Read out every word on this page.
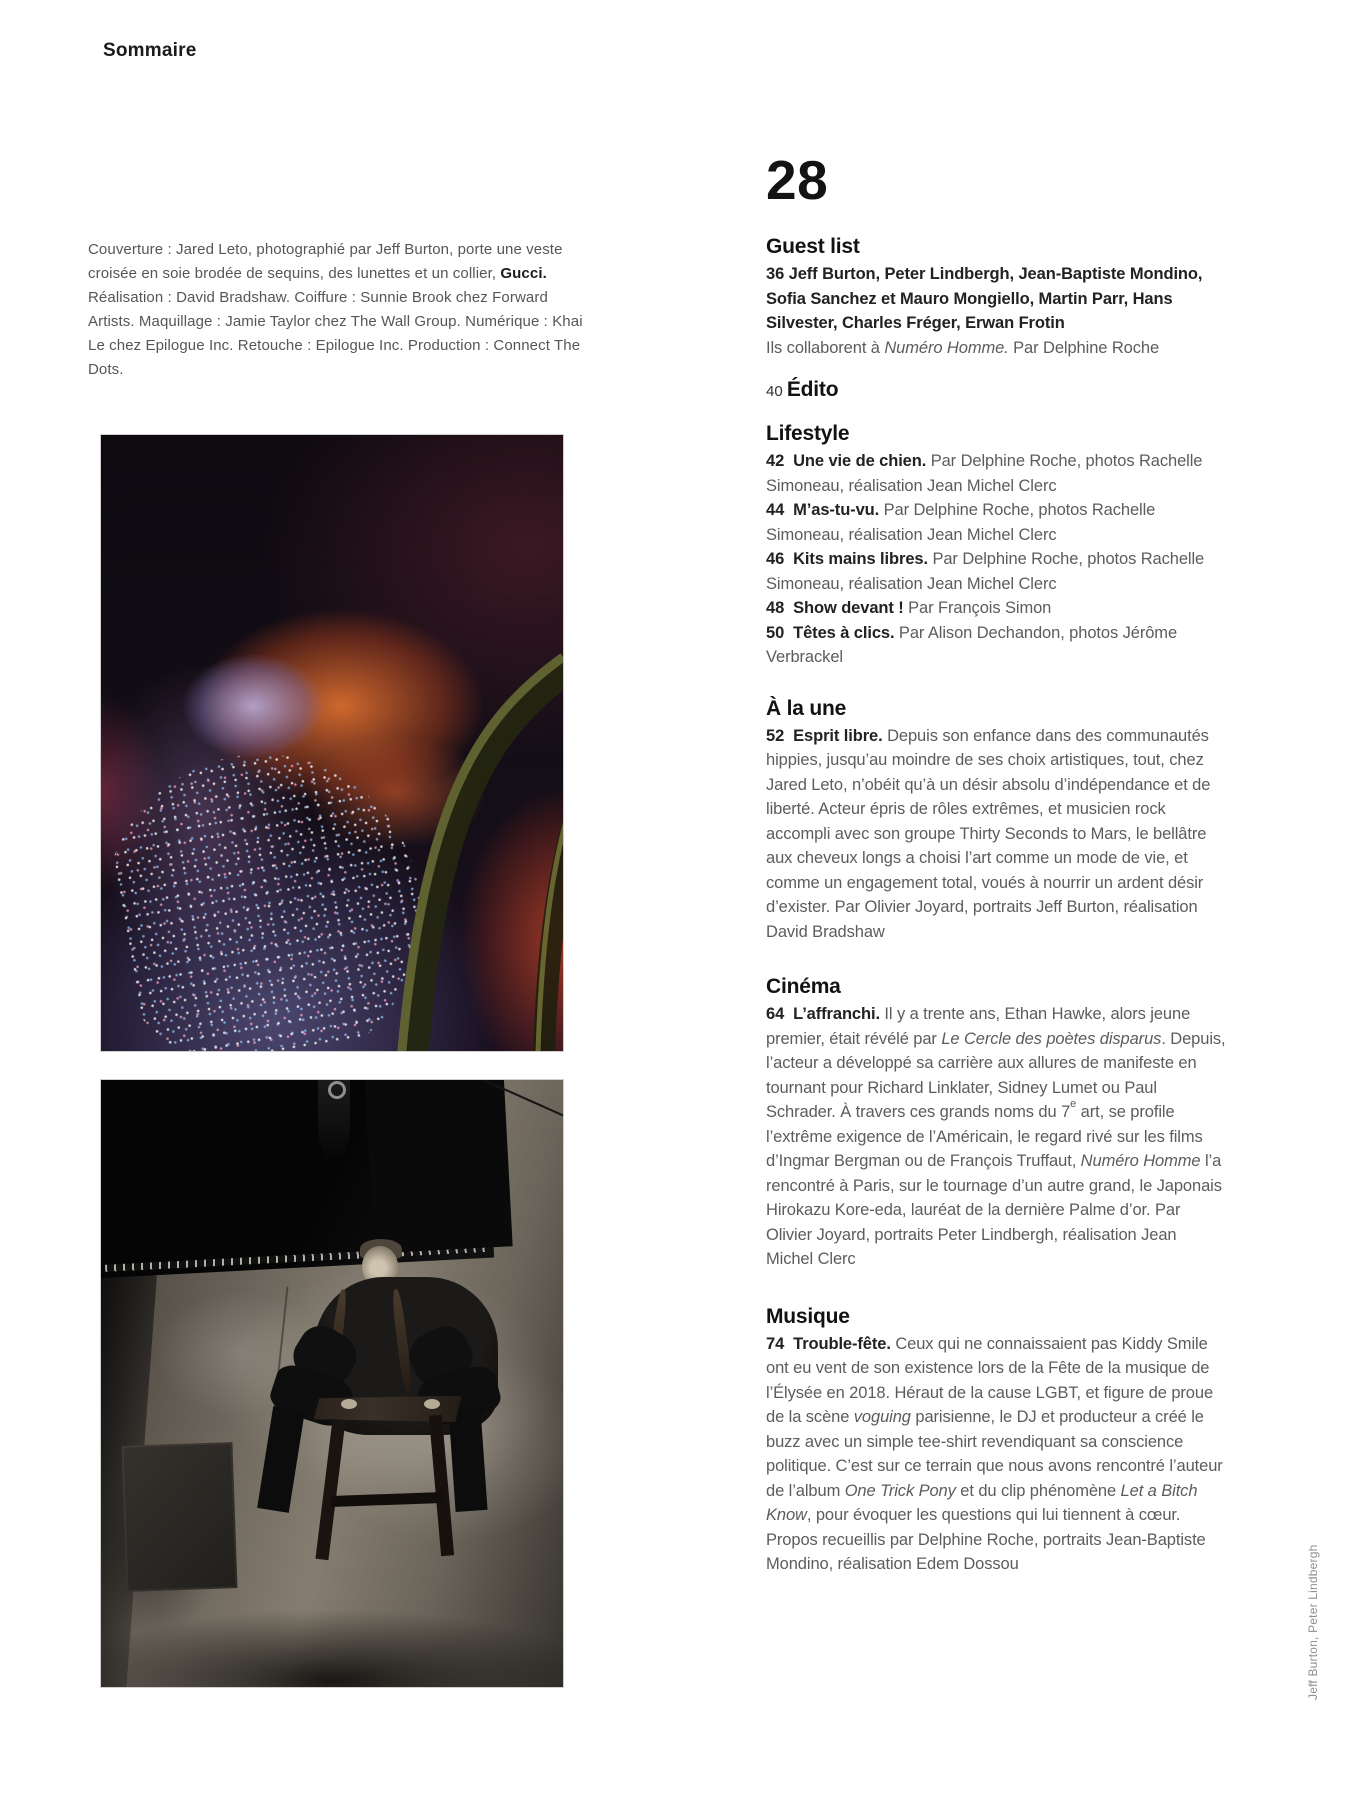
Sommaire

Couverture : Jared Leto, photographié par Jeff Burton, porte une veste croisée en soie brodée de sequins, des lunettes et un collier, Gucci. Réalisation : David Bradshaw. Coiffure : Sunnie Brook chez Forward Artists. Maquillage : Jamie Taylor chez The Wall Group. Numérique : Khai Le chez Epilogue Inc. Retouche : Epilogue Inc. Production : Connect The Dots.

28
Guest list

36 Jeff Burton, Peter Lindbergh, Jean-Baptiste Mondino, Sofia Sanchez et Mauro Mongiello, Martin Parr, Hans Silvester, Charles Fréger, Erwan Frotin

Ils collaborent à Numéro Homme. Par Delphine Roche

40 Édito
Lifestyle

42  Une vie de chien. Par Delphine Roche, photos Rachelle Simoneau, réalisation Jean Michel Clerc

44  M’as-tu-vu. Par Delphine Roche, photos Rachelle Simoneau, réalisation Jean Michel Clerc

46  Kits mains libres. Par Delphine Roche, photos Rachelle Simoneau, réalisation Jean Michel Clerc

48  Show devant ! Par François Simon

50  Têtes à clics. Par Alison Dechandon, photos Jérôme Verbrackel

À la une

52  Esprit libre. Depuis son enfance dans des communautés hippies, jusqu’au moindre de ses choix artistiques, tout, chez Jared Leto, n’obéit qu’à un désir absolu d’indépendance et de liberté. Acteur épris de rôles extrêmes, et musicien rock accompli avec son groupe Thirty Seconds to Mars, le bellâtre aux cheveux longs a choisi l’art comme un mode de vie, et comme un engagement total, voués à nourrir un ardent désir d’exister. Par Olivier Joyard, portraits Jeff Burton, réalisation David Bradshaw

Cinéma

64  L’affranchi. Il y a trente ans, Ethan Hawke, alors jeune premier, était révélé par Le Cercle des poètes disparus. Depuis, l’acteur a développé sa carrière aux allures de manifeste en tournant pour Richard Linklater, Sidney Lumet ou Paul Schrader. À travers ces grands noms du 7e art, se profile l’extrême exigence de l’Américain, le regard rivé sur les films d’Ingmar Bergman ou de François Truffaut, Numéro Homme l’a rencontré à Paris, sur le tournage d’un autre grand, le Japonais Hirokazu Kore-eda, lauréat de la dernière Palme d’or. Par Olivier Joyard, portraits Peter Lindbergh, réalisation Jean Michel Clerc

Musique

74  Trouble-fête. Ceux qui ne connaissaient pas Kiddy Smile ont eu vent de son existence lors de la Fête de la musique de l’Élysée en 2018. Héraut de la cause LGBT, et figure de proue de la scène voguing parisienne, le DJ et producteur a créé le buzz avec un simple tee-shirt revendiquant sa conscience politique. C’est sur ce terrain que nous avons rencontré l’auteur de l’album One Trick Pony et du clip phénomène Let a Bitch Know, pour évoquer les questions qui lui tiennent à cœur. Propos recueillis par Delphine Roche, portraits Jean-Baptiste Mondino, réalisation Edem Dossou	Jeff Burton, Peter Lindbergh
